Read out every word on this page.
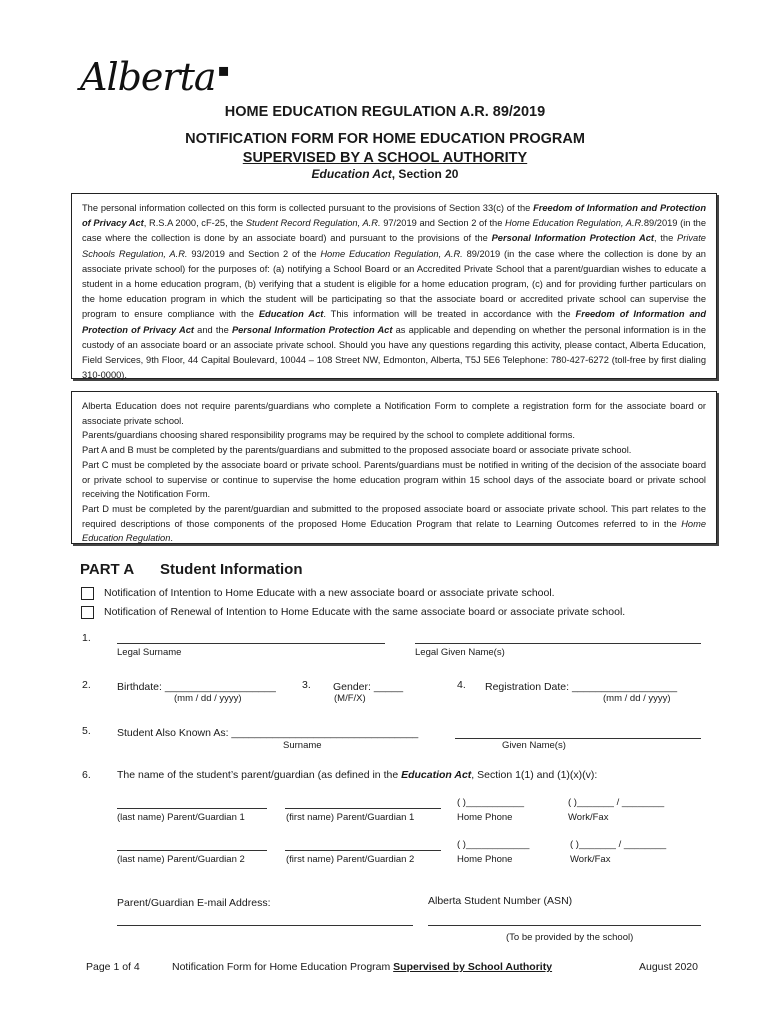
Alberta ▪
HOME EDUCATION REGULATION A.R. 89/2019
NOTIFICATION FORM FOR HOME EDUCATION PROGRAM
SUPERVISED BY A SCHOOL AUTHORITY
Education Act, Section 20
The personal information collected on this form is collected pursuant to the provisions of Section 33(c) of the Freedom of Information and Protection of Privacy Act, R.S.A 2000, cF-25, the Student Record Regulation, A.R. 97/2019 and Section 2 of the Home Education Regulation, A.R.89/2019 (in the case where the collection is done by an associate board) and pursuant to the provisions of the Personal Information Protection Act, the Private Schools Regulation, A.R. 93/2019 and Section 2 of the Home Education Regulation, A.R. 89/2019 (in the case where the collection is done by an associate private school) for the purposes of: (a) notifying a School Board or an Accredited Private School that a parent/guardian wishes to educate a student in a home education program, (b) verifying that a student is eligible for a home education program, (c) and for providing further particulars on the home education program in which the student will be participating so that the associate board or accredited private school can supervise the program to ensure compliance with the Education Act. This information will be treated in accordance with the Freedom of Information and Protection of Privacy Act and the Personal Information Protection Act as applicable and depending on whether the personal information is in the custody of an associate board or an associate private school. Should you have any questions regarding this activity, please contact, Alberta Education, Field Services, 9th Floor, 44 Capital Boulevard, 10044 – 108 Street NW, Edmonton, Alberta, T5J 5E6 Telephone: 780-427-6272 (toll-free by first dialing 310-0000).
Alberta Education does not require parents/guardians who complete a Notification Form to complete a registration form for the associate board or associate private school.
Parents/guardians choosing shared responsibility programs may be required by the school to complete additional forms.
Part A and B must be completed by the parents/guardians and submitted to the proposed associate board or associate private school.
Part C must be completed by the associate board or private school. Parents/guardians must be notified in writing of the decision of the associate board or private school to supervise or continue to supervise the home education program within 15 school days of the associate board or private school receiving the Notification Form.
Part D must be completed by the parent/guardian and submitted to the proposed associate board or associate private school. This part relates to the required descriptions of those components of the proposed Home Education Program that relate to Learning Outcomes referred to in the Home Education Regulation.
PART A Student Information
Notification of Intention to Home Educate with a new associate board or associate private school.
Notification of Renewal of Intention to Home Educate with the same associate board or associate private school.
1.
Legal Surname	Legal Given Name(s)
2. Birthdate: ___________________
(mm / dd / yyyy)
3. Gender: _____
(M/F/X)
4. Registration Date: __________________
(mm / dd / yyyy)
5. Student Also Known As: ________________________________
Surname	Given Name(s)
6. The name of the student’s parent/guardian (as defined in the Education Act, Section 1(1) and (1)(x)(v):
( )___________	( )_______ / ________
(last name) Parent/Guardian 1	(first name) Parent/Guardian 1	Home Phone	Work/Fax
( )____________	( )_______ / ________
(last name) Parent/Guardian 2	(first name) Parent/Guardian 2	Home Phone	Work/Fax
Parent/Guardian E-mail Address:	Alberta Student Number (ASN)
(To be provided by the school)
Page 1 of 4	Notification Form for Home Education Program Supervised by School Authority	August 2020
